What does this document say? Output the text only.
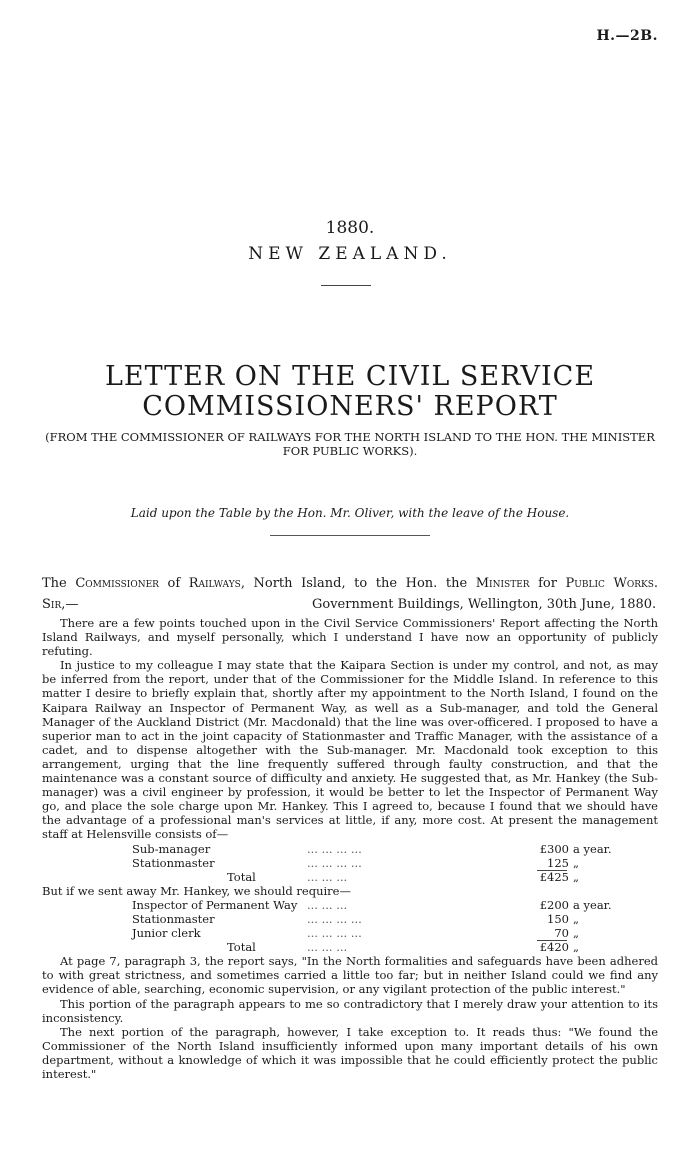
H.—2B.
1880.
NEW ZEALAND.
LETTER ON THE CIVIL SERVICE COMMISSIONERS' REPORT
(FROM THE COMMISSIONER OF RAILWAYS FOR THE NORTH ISLAND TO THE HON. THE MINISTER FOR PUBLIC WORKS).
Laid upon the Table by the Hon. Mr. Oliver, with the leave of the House.
The Commissioner of Railways, North Island, to the Hon. the Minister for Public Works.
Sir,—	Government Buildings, Wellington, 30th June, 1880.

There are a few points touched upon in the Civil Service Commissioners' Report affecting the North Island Railways, and myself personally, which I understand I have now an opportunity of publicly refuting.

In justice to my colleague I may state that the Kaipara Section is under my control, and not, as may be inferred from the report, under that of the Commissioner for the Middle Island. In reference to this matter I desire to briefly explain that, shortly after my appointment to the North Island, I found on the Kaipara Railway an Inspector of Permanent Way, as well as a Sub-manager, and told the General Manager of the Auckland District (Mr. Macdonald) that the line was over-officered. I proposed to have a superior man to act in the joint capacity of Stationmaster and Traffic Manager, with the assistance of a cadet, and to dispense altogether with the Sub-manager. Mr. Macdonald took exception to this arrangement, urging that the line frequently suffered through faulty construction, and that the maintenance was a constant source of difficulty and anxiety. He suggested that, as Mr. Hankey (the Sub-manager) was a civil engineer by profession, it would be better to let the Inspector of Permanent Way go, and place the sole charge upon Mr. Hankey. This I agreed to, because I found that we should have the advantage of a professional man's services at little, if any, more cost. At present the management staff at Helensville consists of—

Sub-manager	... ... ... ...	£300	a year.
Stationmaster	... ... ... ...	125	„
Total	... ... ...	£425	„

But if we sent away Mr. Hankey, we should require—

Inspector of Permanent Way	... ... ...	£200	a year.
Stationmaster	... ... ... ...	150	„
Junior clerk	... ... ... ...	70	„
Total	... ... ...	£420	„

At page 7, paragraph 3, the report says, "In the North formalities and safeguards have been adhered to with great strictness, and sometimes carried a little too far; but in neither Island could we find any evidence of able, searching, economic supervision, or any vigilant protection of the public interest."

This portion of the paragraph appears to me so contradictory that I merely draw your attention to its inconsistency.

The next portion of the paragraph, however, I take exception to. It reads thus: "We found the Commissioner of the North Island insufficiently informed upon many important details of his own department, without a knowledge of which it was impossible that he could efficiently protect the public interest."
